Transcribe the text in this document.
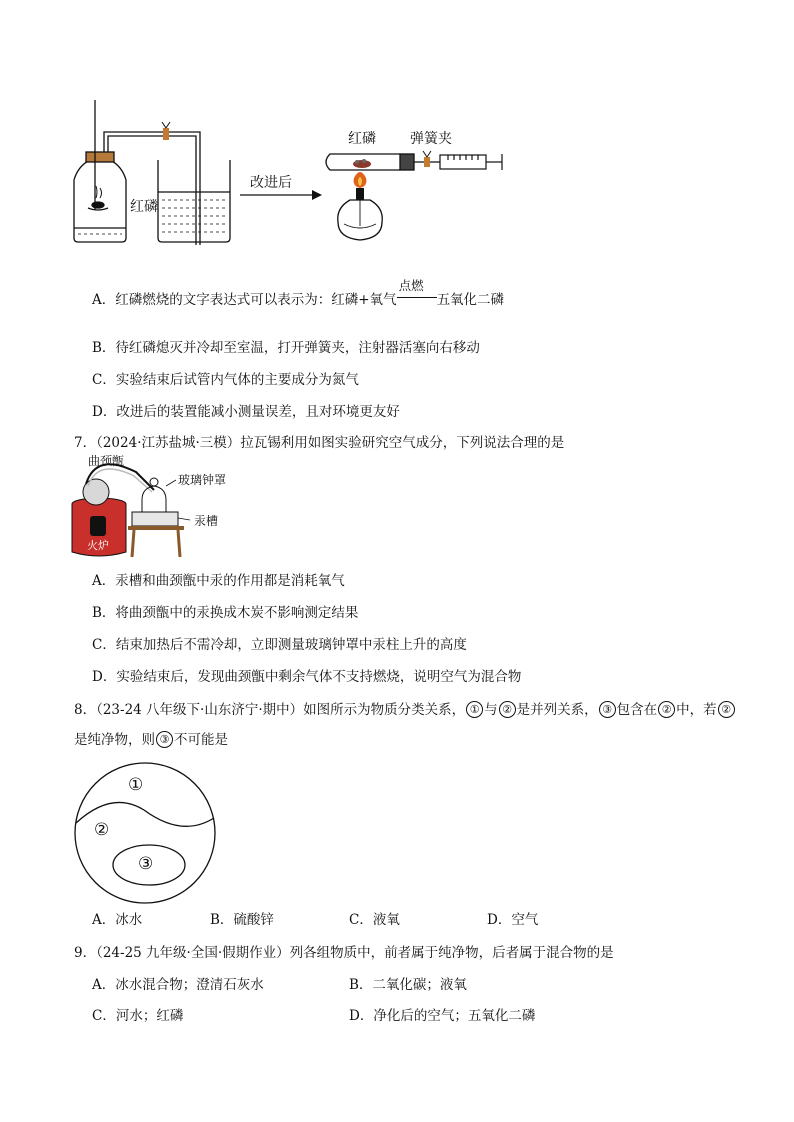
红磷
改进后
红磷 弹簧夹
A．红磷燃烧的文字表达式可以表示为：红磷+氧气
点燃
五氧化二磷
B．待红磷熄灭并冷却至室温，打开弹簧夹，注射器活塞向右移动
C．实验结束后试管内气体的主要成分为氮气
D．改进后的装置能减小测量误差，且对环境更友好
7．（2024·江苏盐城·三模）拉瓦锡利用如图实验研究空气成分，下列说法合理的是
火炉
曲颈甑
玻璃钟罩
汞槽
A．汞槽和曲颈甑中汞的作用都是消耗氧气
B．将曲颈甑中的汞换成木炭不影响测定结果
C．结束加热后不需冷却，立即测量玻璃钟罩中汞柱上升的高度
D．实验结束后，发现曲颈甑中剩余气体不支持燃烧，说明空气为混合物
8．（23-24 八年级下·山东济宁·期中）如图所示为物质分类关系， ① 与 ② 是并列关系， ③ 包含在 ② 中，若 ②
是纯净物，则 ③ 不可能是
①
②
③
A．冰水	B．硫酸锌	C．液氧	D．空气
9．（24-25 九年级·全国·假期作业）列各组物质中，前者属于纯净物，后者属于混合物的是
A．冰水混合物；澄清石灰水	B．二氧化碳；液氧
C．河水；红磷	D．净化后的空气；五氧化二磷
